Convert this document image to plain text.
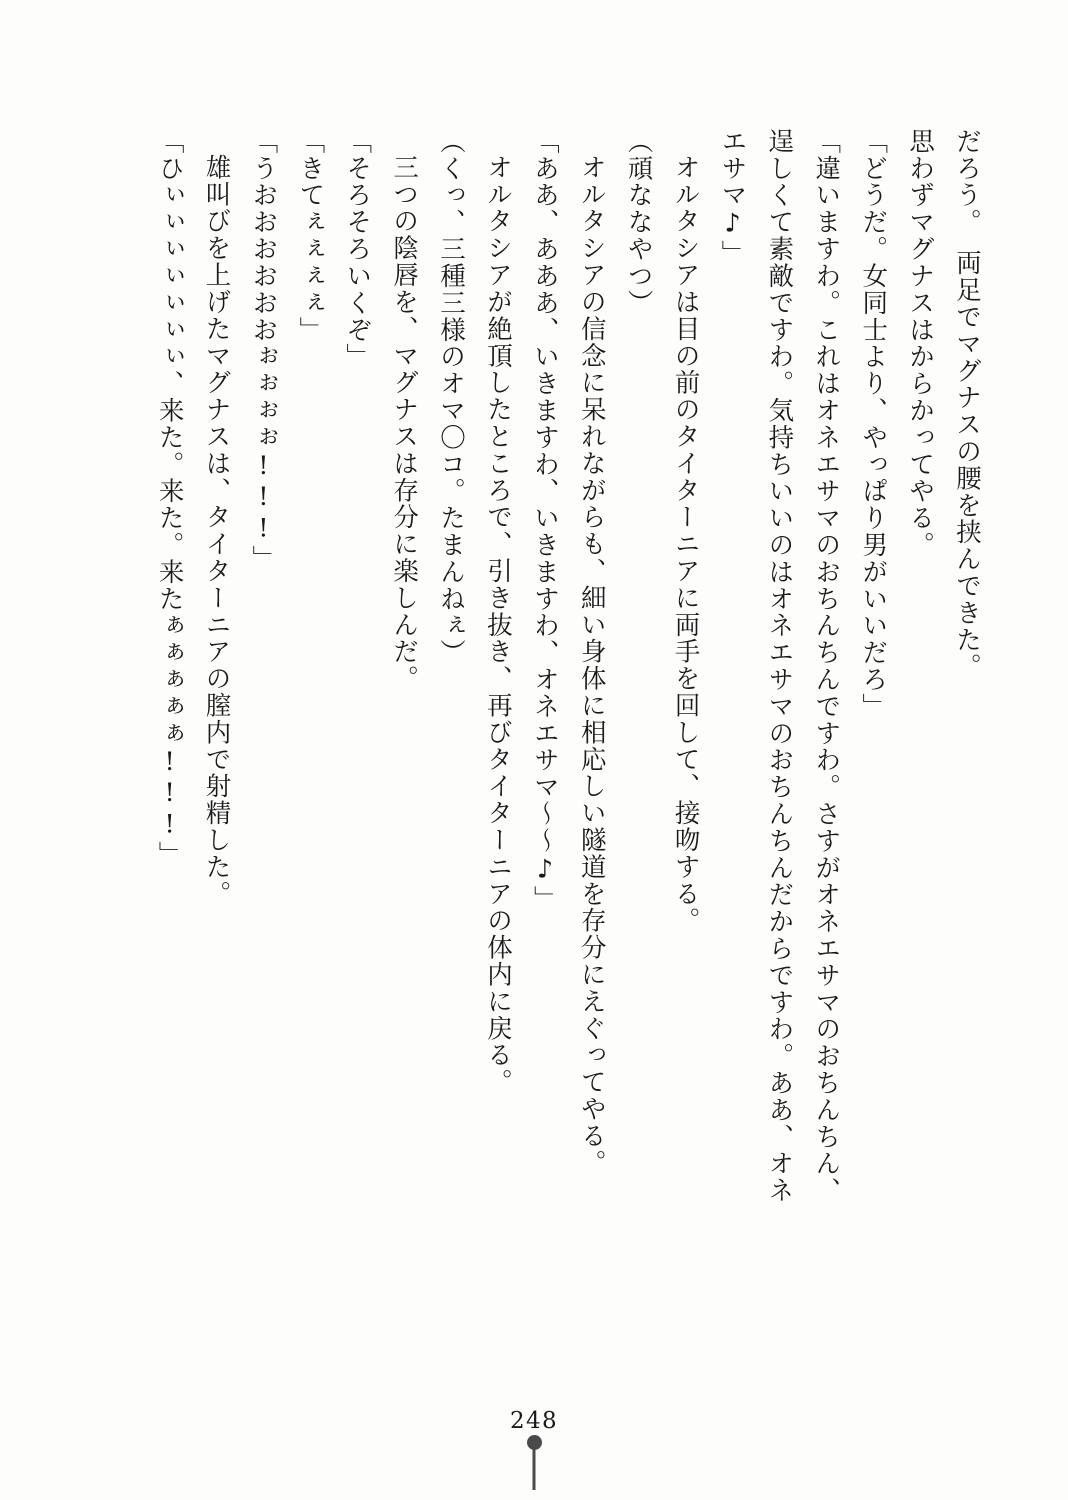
だろう。　両足でマグナスの腰を挟んできた。
思わずマグナスはからかってやる。
「どうだ。女同士より、やっぱり男がいいだろ」
「違いますわ。これはオネエサマのおちんちんですわ。さすがオネエサマのおちんちん、
逞しくて素敵ですわ。気持ちいいのはオネエサマのおちんちんだからですわ。ああ、オネ
エサマ♪」
オルタシアは目の前のタイターニアに両手を回して、接吻する。
（頑ななやつ）
オルタシアの信念に呆れながらも、細い身体に相応しい隧道を存分にえぐってやる。
「ああ、あああ、いきますわ、いきますわ、オネエサマ～～♪」
オルタシアが絶頂したところで、引き抜き、再びタイターニアの体内に戻る。
（くっ、三種三様のオマ〇コ。たまんねぇ）
三つの陰唇を、マグナスは存分に楽しんだ。
「そろそろいくぞ」
「きてぇぇぇぇ」
「うおおおおおおぉぉぉぉ!!!」
雄叫びを上げたマグナスは、タイターニアの膣内で射精した。
「ひぃぃぃぃぃぃぃ、来た。来た。来たぁぁぁぁぁ!!!」
248
